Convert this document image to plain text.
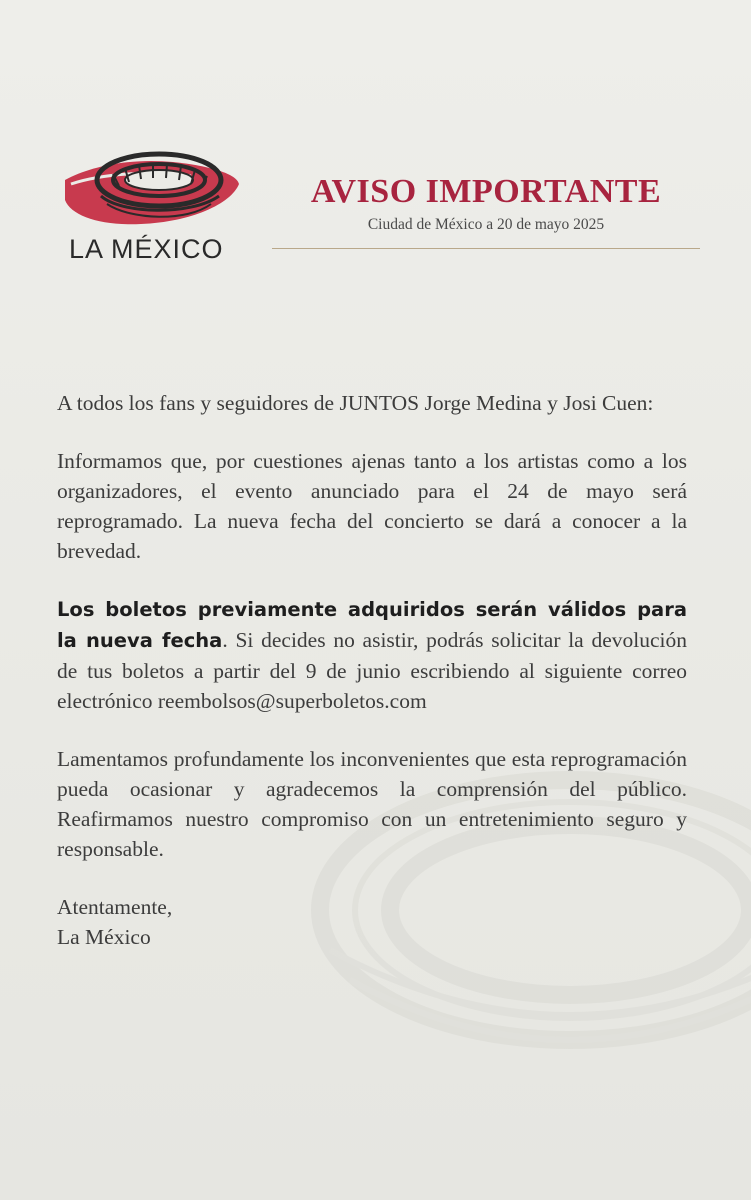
LA MÉXICO
AVISO IMPORTANTE
Ciudad de México a 20 de mayo 2025

A todos los fans y seguidores de JUNTOS Jorge Medina y Josi Cuen:

Informamos que, por cuestiones ajenas tanto a los artistas como a los organizadores, el evento anunciado para el 24 de mayo será reprogramado. La nueva fecha del concierto se dará a conocer a la brevedad.

Los boletos previamente adquiridos serán válidos para la nueva fecha. Si decides no asistir, podrás solicitar la devolución de tus boletos a partir del 9 de junio escribiendo al siguiente correo electrónico reembolsos@superboletos.com

Lamentamos profundamente los inconvenientes que esta reprogramación pueda ocasionar y agradecemos la comprensión del público. Reafirmamos nuestro compromiso con un entretenimiento seguro y responsable.

Atentamente,

La México
